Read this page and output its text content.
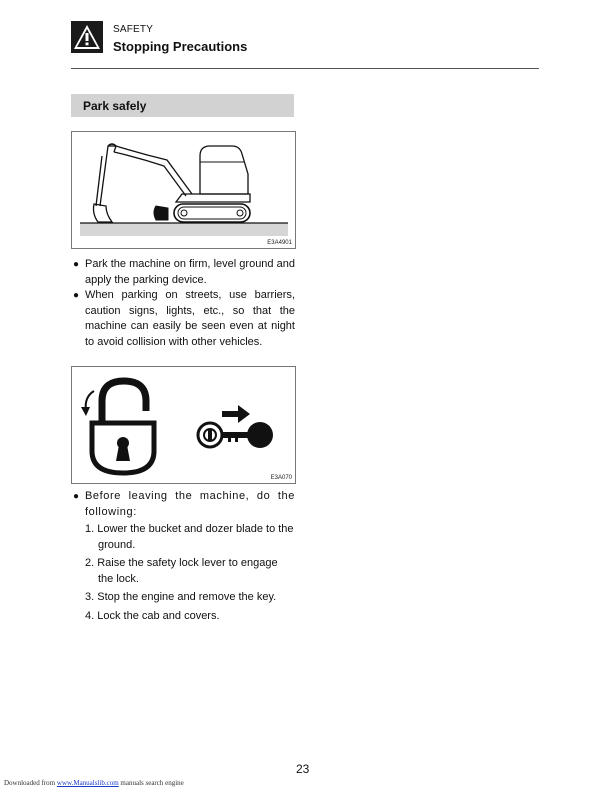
SAFETY
Stopping Precautions
Park safely
E3A4901
● Park the machine on firm, level ground and apply the parking device.
● When parking on streets, use barriers, caution signs, lights, etc., so that the machine can easily be seen even at night to avoid collision with other vehicles.
E3A070
● Before leaving the machine, do the following:
1. Lower the bucket and dozer blade to the ground.
2. Raise the safety lock lever to engage the lock.
3. Stop the engine and remove the key.
4. Lock the cab and covers.
23
Downloaded from www.Manualslib.com manuals search engine
